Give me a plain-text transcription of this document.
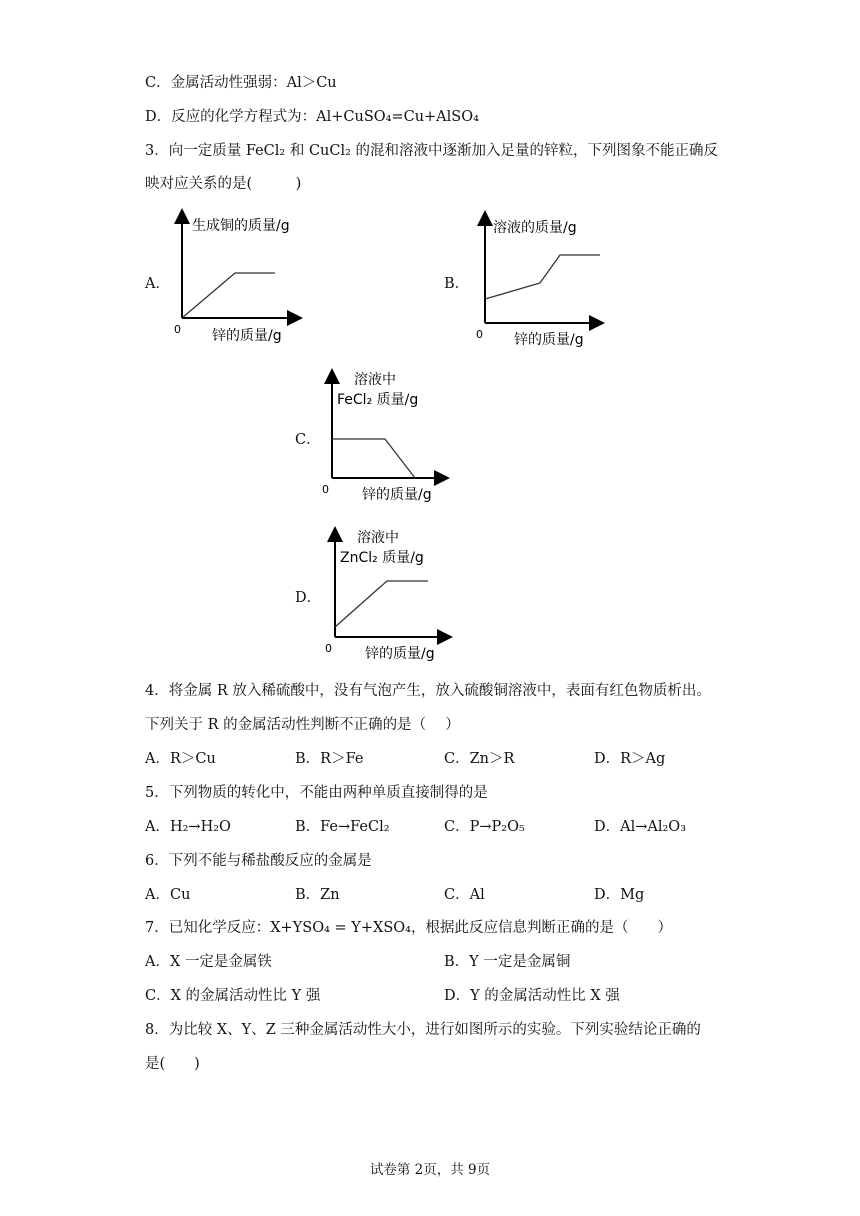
C．金属活动性强弱：Al＞Cu
D．反应的化学方程式为：Al+CuSO₄=Cu+AlSO₄
3．向一定质量 FeCl₂ 和 CuCl₂ 的混和溶液中逐渐加入足量的锌粒，下列图象不能正确反
映对应关系的是(　　　)
A．
生成铜的质量/g
0 锌的质量/g
B．
溶液的质量/g
0 锌的质量/g
C．
溶液中
FeCl₂ 质量/g
0 锌的质量/g
D．
溶液中
ZnCl₂ 质量/g
0 锌的质量/g
4．将金属 R 放入稀硫酸中，没有气泡产生，放入硫酸铜溶液中，表面有红色物质析出。
下列关于 R 的金属活动性判断不正确的是（　 ）
A．R＞Cu	B．R＞Fe	C．Zn＞R	D．R＞Ag
5．下列物质的转化中，不能由两种单质直接制得的是
A．H₂→H₂O	B．Fe→FeCl₂	C．P→P₂O₅	D．Al→Al₂O₃
6．下列不能与稀盐酸反应的金属是
A．Cu	B．Zn	C．Al	D．Mg
7．已知化学反应：X+YSO₄ = Y+XSO₄，根据此反应信息判断正确的是（　　）
A．X 一定是金属铁	B．Y 一定是金属铜
C．X 的金属活动性比 Y 强	D．Y 的金属活动性比 X 强
8．为比较 X、Y、Z 三种金属活动性大小，进行如图所示的实验。下列实验结论正确的
是(　　)
试卷第 2页，共 9页
